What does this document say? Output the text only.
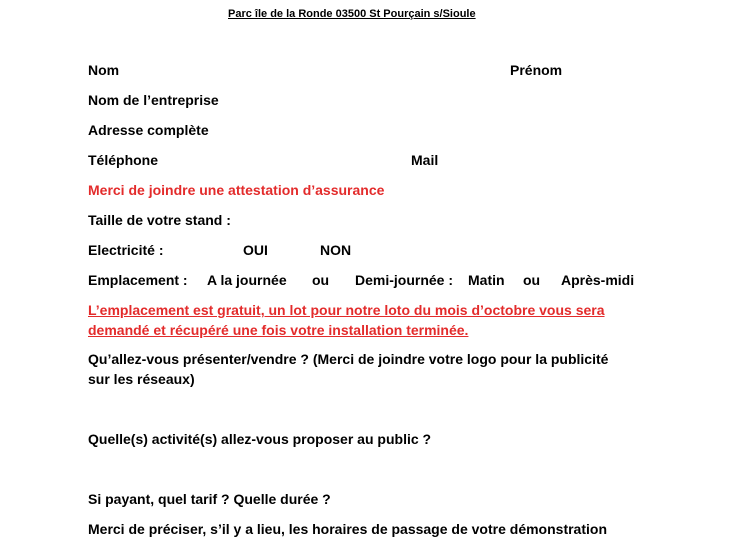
Parc île de la Ronde 03500 St Pourçain s/Sioule
Nom	Prénom
Nom de l’entreprise
Adresse complète
Téléphone	Mail
Merci de joindre une attestation d’assurance
Taille de votre stand :
Electricité :	OUI	NON
Emplacement : A la journée ou Demi-journée : Matin ou Après-midi
L’emplacement est gratuit, un lot pour notre loto du mois d’octobre vous sera
demandé et récupéré une fois votre installation terminée.
Qu’allez-vous présenter/vendre ? (Merci de joindre votre logo pour la publicité
sur les réseaux)
Quelle(s) activité(s) allez-vous proposer au public ?
Si payant, quel tarif ? Quelle durée ?
Merci de préciser, s’il y a lieu, les horaires de passage de votre démonstration
